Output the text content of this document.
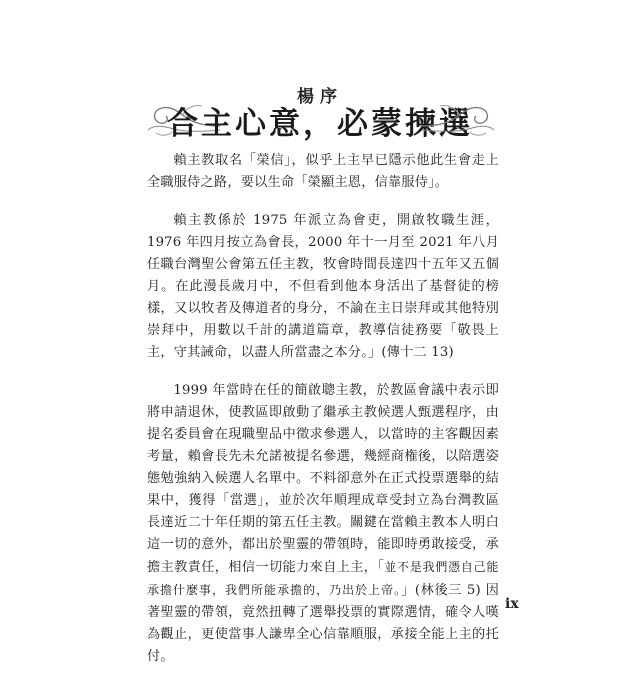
楊序
合主心意，必蒙揀選

賴主教取名「榮信」，似乎上主早已隱示他此生會走上全職服侍之路，要以生命「榮顯主恩，信靠服侍」。

賴主教係於 1975 年派立為會吏，開啟牧職生涯，1976 年四月按立為會長，2000 年十一月至 2021 年八月任職台灣聖公會第五任主教，牧會時間長達四十五年又五個月。在此漫長歲月中，不但看到他本身活出了基督徒的榜樣，又以牧者及傳道者的身分，不論在主日崇拜或其他特別崇拜中，用數以千計的講道篇章，教導信徒務要「敬畏上主，守其誡命，以盡人所當盡之本分。」(傳十二 13)

1999 年當時在任的簡啟聰主教，於教區會議中表示即將申請退休，使教區即啟動了繼承主教候選人甄選程序，由提名委員會在現職聖品中徵求參選人，以當時的主客觀因素考量，賴會長先未允諾被提名參選，幾經商権後，以陪選姿態勉強納入候選人名單中。不料卻意外在正式投票選舉的結果中，獲得「當選」，並於次年順理成章受封立為台灣教區長達近二十年任期的第五任主教。關鍵在當賴主教本人明白這一切的意外，都出於聖靈的帶領時，能即時勇敢接受，承擔主教責任，相信一切能力來自上主，「並不是我們憑自己能承擔什麼事，我們所能承擔的，乃出於上帝。」(林後三 5) 因著聖靈的帶領，竟然扭轉了選舉投票的實際選情，確令人嘆為觀止，更使當事人謙卑全心信靠順服，承接全能上主的托付。

ix
